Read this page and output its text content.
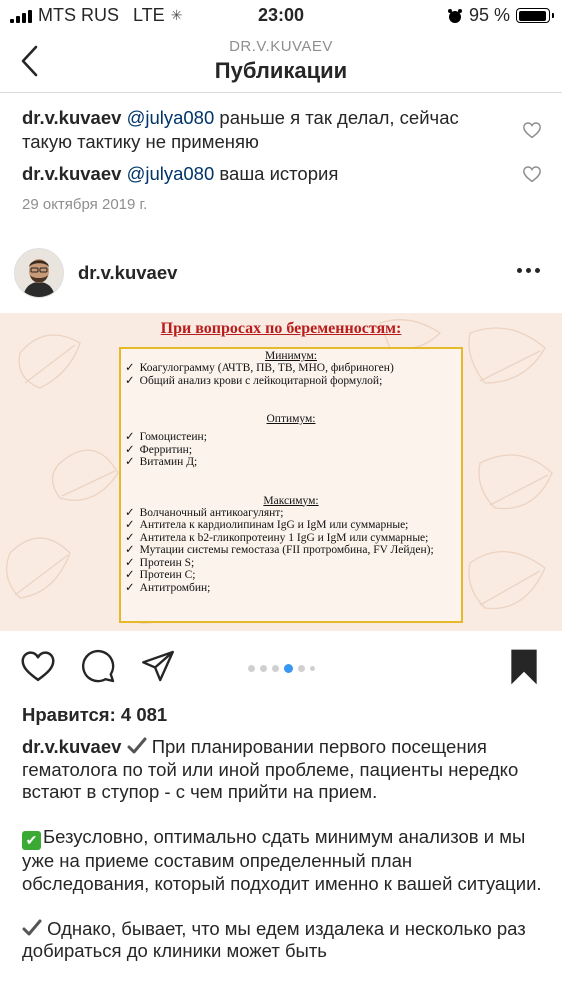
MTS RUS LTE ✳	23:00	95 %
DR.V.KUVAEV
Публикации
dr.v.kuvaev @julya080 раньше я так делал, сейчас такую тактику не применяю
dr.v.kuvaev @julya080 ваша история
29 октября 2019 г.
dr.v.kuvaev
При вопросах по беременностям:
Минимум:
✓ Коагулограмму (АЧТВ, ПВ, ТВ, МНО, фибриноген)
✓ Общий анализ крови с лейкоцитарной формулой;
Оптимум:
✓ Гомоцистеин;
✓ Ферритин;
✓ Витамин Д;
Максимум:
✓ Волчаночный антикоагулянт;
✓ Антитела к кардиолипинам IgG и IgM или суммарные;
✓ Антитела к b2-гликопротеину 1 IgG и IgM или суммарные;
✓ Мутации системы гемостаза (FII протромбина, FV Лейден);
✓ Протеин S;
✓ Протеин С;
✓ Антитромбин;
Нравится: 4 081

dr.v.kuvaev  При планировании первого посещения гематолога по той или иной проблеме, пациенты нередко встают в ступор - с чем прийти на прием.

✔ Безусловно, оптимально сдать минимум анализов и мы уже на приеме составим определенный план обследования, который подходит именно к вашей ситуации.

Однако, бывает, что мы едем издалека и несколько раз добираться до клиники может быть
